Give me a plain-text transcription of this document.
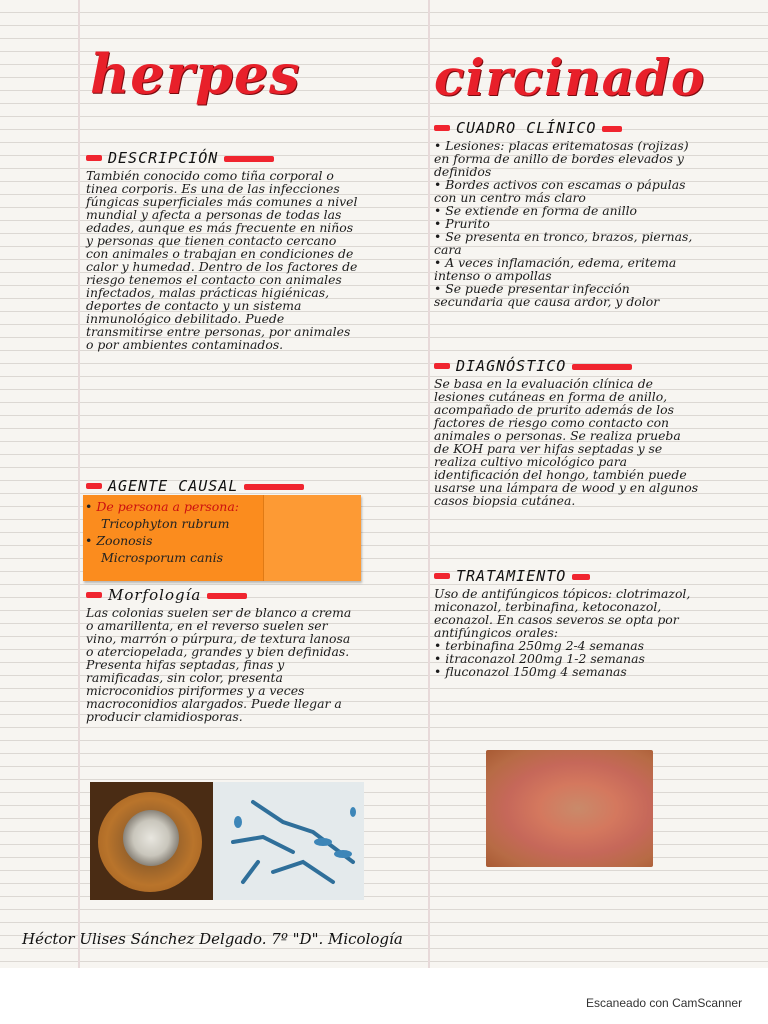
herpes	circinado
DESCRIPCIÓN
También conocido como tiña corporal o tinea corporis. Es una de las infecciones fúngicas superficiales más comunes a nivel mundial y afecta a personas de todas las edades, aunque es más frecuente en niños y personas que tienen contacto cercano con animales o trabajan en condiciones de calor y humedad. Dentro de los factores de riesgo tenemos el contacto con animales infectados, malas prácticas higiénicas, deportes de contacto y un sistema inmunológico debilitado. Puede transmitirse entre personas, por animales o por ambientes contaminados.
AGENTE CAUSAL
• De persona a persona:
Tricophyton rubrum
• Zoonosis
Microsporum canis
Morfología
Las colonias suelen ser de blanco a crema o amarillenta, en el reverso suelen ser vino, marrón o púrpura, de textura lanosa o aterciopelada, grandes y bien definidas. Presenta hifas septadas, finas y ramificadas, sin color, presenta microconidios piriformes y a veces macroconidios alargados. Puede llegar a producir clamidiosporas.
CUADRO CLÍNICO
• Lesiones: placas eritematosas (rojizas) en forma de anillo de bordes elevados y definidos
• Bordes activos con escamas o pápulas con un centro más claro
• Se extiende en forma de anillo
• Prurito
• Se presenta en tronco, brazos, piernas, cara
• A veces inflamación, edema, eritema intenso o ampollas
• Se puede presentar infección secundaria que causa ardor, y dolor
DIAGNÓSTICO
Se basa en la evaluación clínica de lesiones cutáneas en forma de anillo, acompañado de prurito además de los factores de riesgo como contacto con animales o personas. Se realiza prueba de KOH para ver hifas septadas y se realiza cultivo micológico para identificación del hongo, también puede usarse una lámpara de wood y en algunos casos biopsia cutánea.
TRATAMIENTO
Uso de antifúngicos tópicos: clotrimazol, miconazol, terbinafina, ketoconazol, econazol. En casos severos se opta por antifúngicos orales:
• terbinafina 250mg 2-4 semanas
• itraconazol 200mg 1-2 semanas
• fluconazol 150mg 4 semanas
Héctor Ulises Sánchez Delgado. 7º "D". Micología
Escaneado con CamScanner
